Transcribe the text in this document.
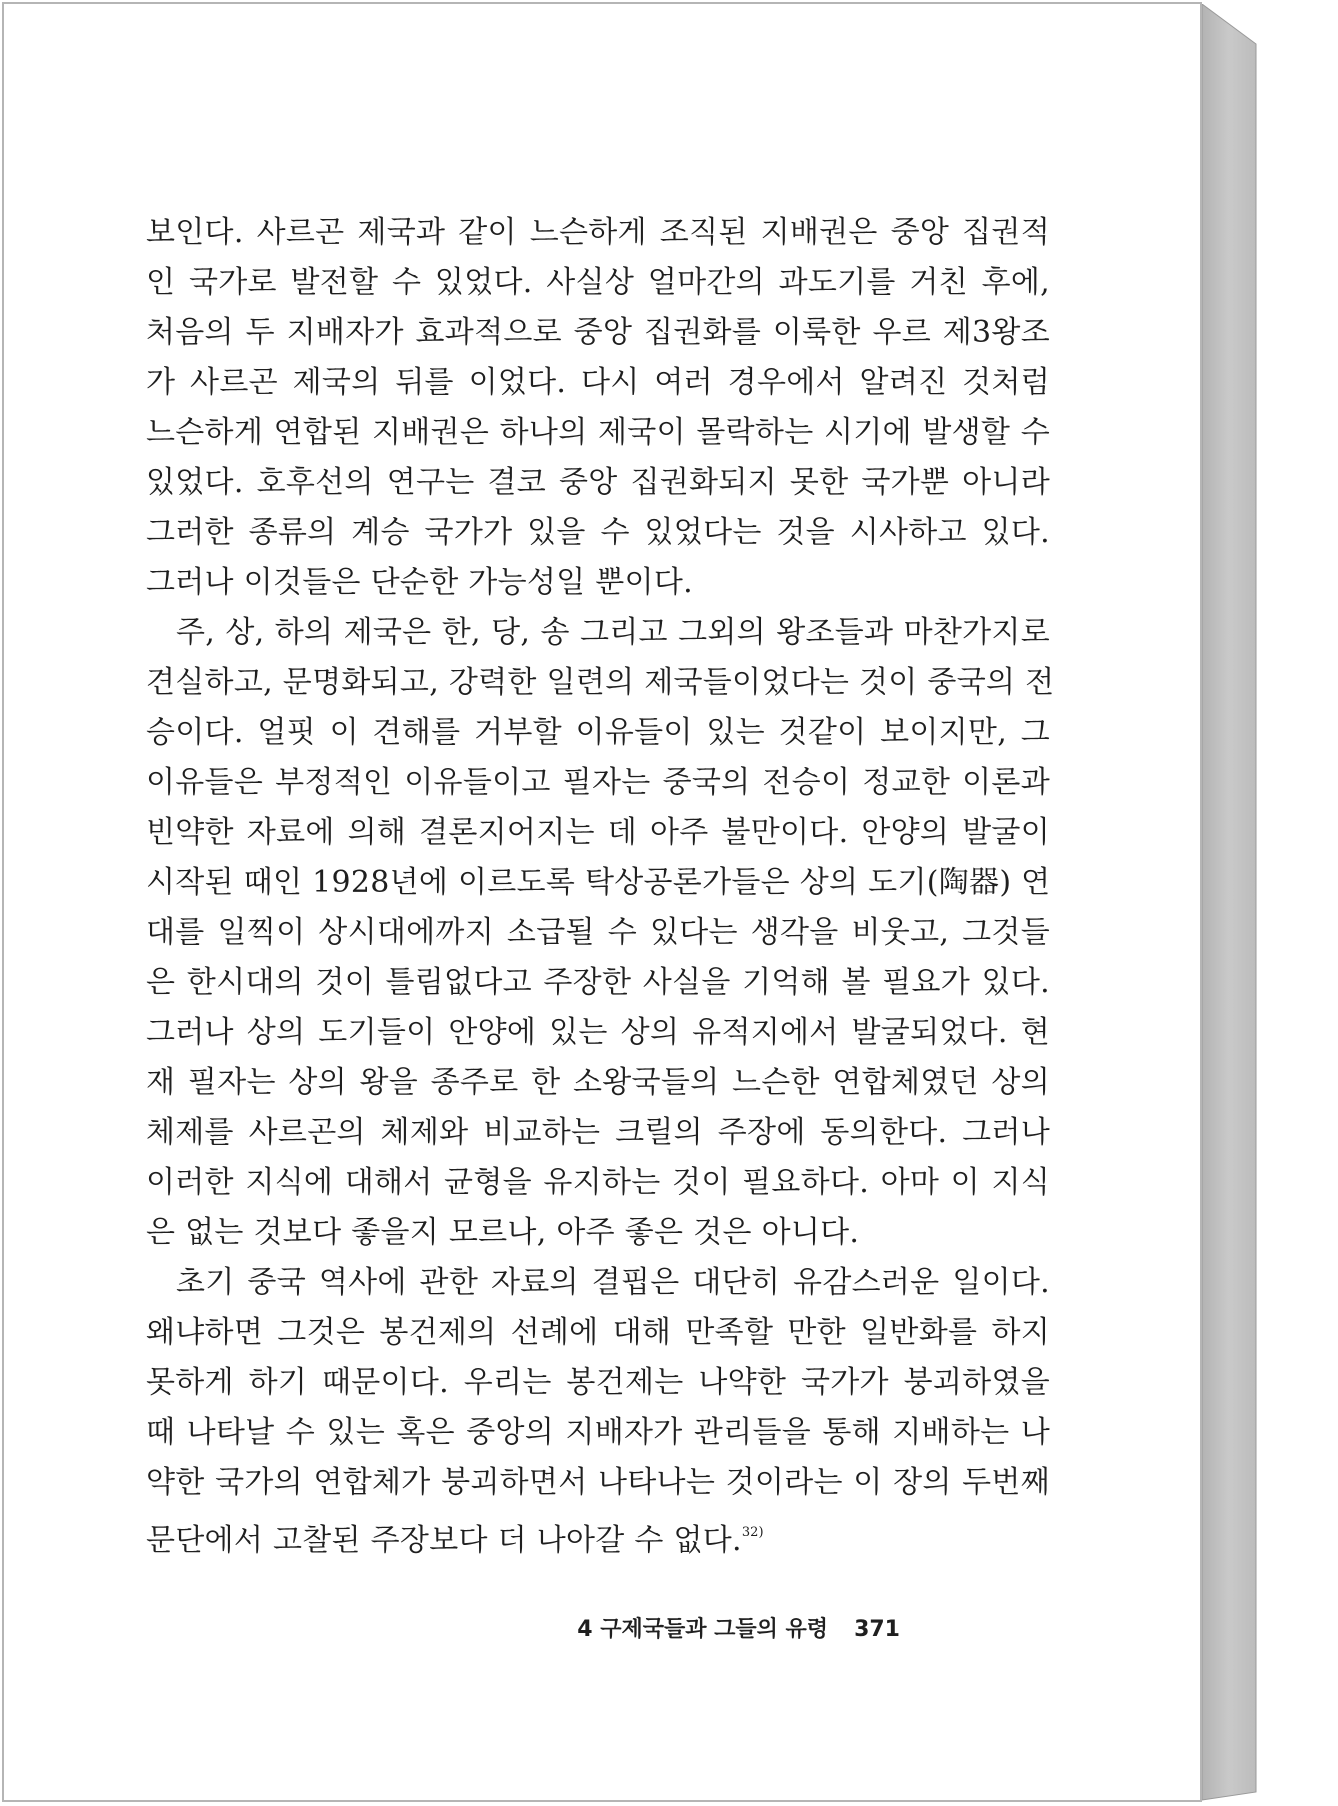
보인다. 사르곤 제국과 같이 느슨하게 조직된 지배권은 중앙 집권적
인 국가로 발전할 수 있었다. 사실상 얼마간의 과도기를 거친 후에,
처음의 두 지배자가 효과적으로 중앙 집권화를 이룩한 우르 제3왕조
가 사르곤 제국의 뒤를 이었다. 다시 여러 경우에서 알려진 것처럼
느슨하게 연합된 지배권은 하나의 제국이 몰락하는 시기에 발생할 수
있었다. 호후선의 연구는 결코 중앙 집권화되지 못한 국가뿐 아니라
그러한 종류의 계승 국가가 있을 수 있었다는 것을 시사하고 있다.
그러나 이것들은 단순한 가능성일 뿐이다.
주, 상, 하의 제국은 한, 당, 송 그리고 그외의 왕조들과 마찬가지로
견실하고, 문명화되고, 강력한 일련의 제국들이었다는 것이 중국의 전
승이다. 얼핏 이 견해를 거부할 이유들이 있는 것같이 보이지만, 그
이유들은 부정적인 이유들이고 필자는 중국의 전승이 정교한 이론과
빈약한 자료에 의해 결론지어지는 데 아주 불만이다. 안양의 발굴이
시작된 때인 1928년에 이르도록 탁상공론가들은 상의 도기(陶器) 연
대를 일찍이 상시대에까지 소급될 수 있다는 생각을 비웃고, 그것들
은 한시대의 것이 틀림없다고 주장한 사실을 기억해 볼 필요가 있다.
그러나 상의 도기들이 안양에 있는 상의 유적지에서 발굴되었다. 현
재 필자는 상의 왕을 종주로 한 소왕국들의 느슨한 연합체였던 상의
체제를 사르곤의 체제와 비교하는 크릴의 주장에 동의한다. 그러나
이러한 지식에 대해서 균형을 유지하는 것이 필요하다. 아마 이 지식
은 없는 것보다 좋을지 모르나, 아주 좋은 것은 아니다.
초기 중국 역사에 관한 자료의 결핍은 대단히 유감스러운 일이다.
왜냐하면 그것은 봉건제의 선례에 대해 만족할 만한 일반화를 하지
못하게 하기 때문이다. 우리는 봉건제는 나약한 국가가 붕괴하였을
때 나타날 수 있는 혹은 중앙의 지배자가 관리들을 통해 지배하는 나
약한 국가의 연합체가 붕괴하면서 나타나는 것이라는 이 장의 두번째
문단에서 고찰된 주장보다 더 나아갈 수 없다.$^{32)}$
4 구제국들과 그들의 유령 371
